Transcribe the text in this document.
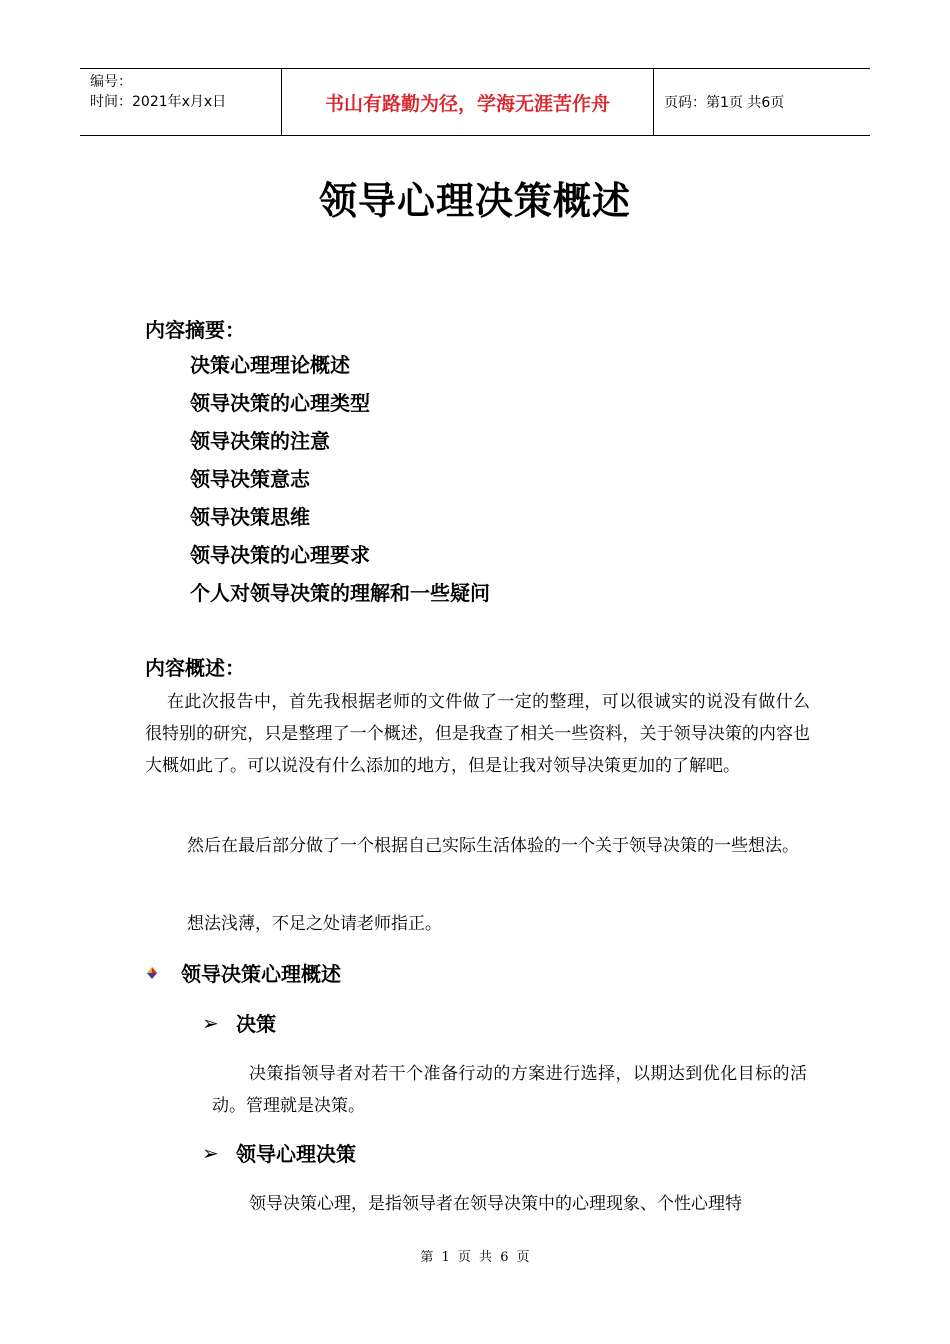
编号：
时间：2021年x月x日	书山有路勤为径，学海无涯苦作舟	页码：第1页 共6页
领导心理决策概述
内容摘要：
决策心理理论概述
领导决策的心理类型
领导决策的注意
领导决策意志
领导决策思维
领导决策的心理要求
个人对领导决策的理解和一些疑问
内容概述：

在此次报告中，首先我根据老师的文件做了一定的整理，可以很诚实的说没有做什么很特别的研究，只是整理了一个概述，但是我查了相关一些资料，关于领导决策的内容也大概如此了。可以说没有什么添加的地方，但是让我对领导决策更加的了解吧。

然后在最后部分做了一个根据自己实际生活体验的一个关于领导决策的一些想法。

想法浅薄，不足之处请老师指正。

领导决策心理概述
➢ 决策

决策指领导者对若干个准备行动的方案进行选择，以期达到优化目标的活动。管理就是决策。

➢ 领导心理决策

领导决策心理，是指领导者在领导决策中的心理现象、个性心理特

第 1 页 共 6 页
